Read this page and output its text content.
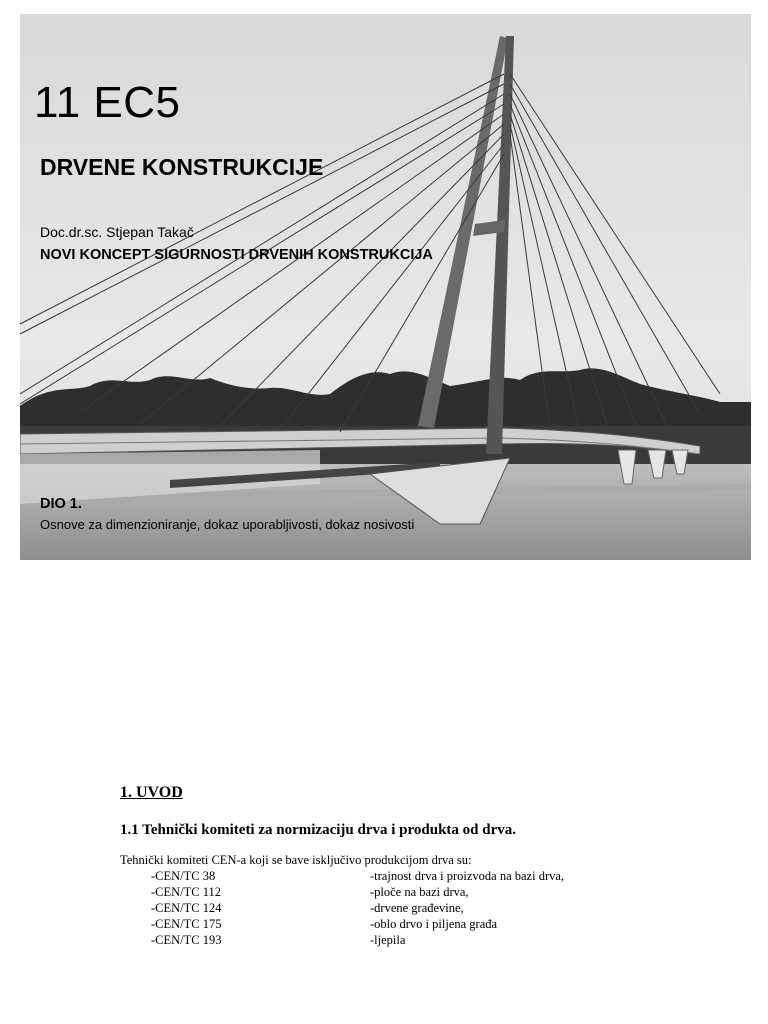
11 EC5
DRVENE KONSTRUKCIJE
Doc.dr.sc. Stjepan Takač
NOVI KONCEPT SIGURNOSTI DRVENIH KONSTRUKCIJA
DIO 1.
Osnove za dimenzioniranje, dokaz uporabljivosti, dokaz nosivosti

1. UVOD

1.1 Tehnički komiteti za normizaciju drva i produkta od drva.

Tehnički komiteti CEN-a koji se bave isključivo produkcijom drva su:

-CEN/TC 38	-trajnost drva i proizvoda na bazi drva,
-CEN/TC 112	-ploče na bazi drva,
-CEN/TC 124	-drvene građevine,
-CEN/TC 175	-oblo drvo i piljena građa
-CEN/TC 193	-ljepila
